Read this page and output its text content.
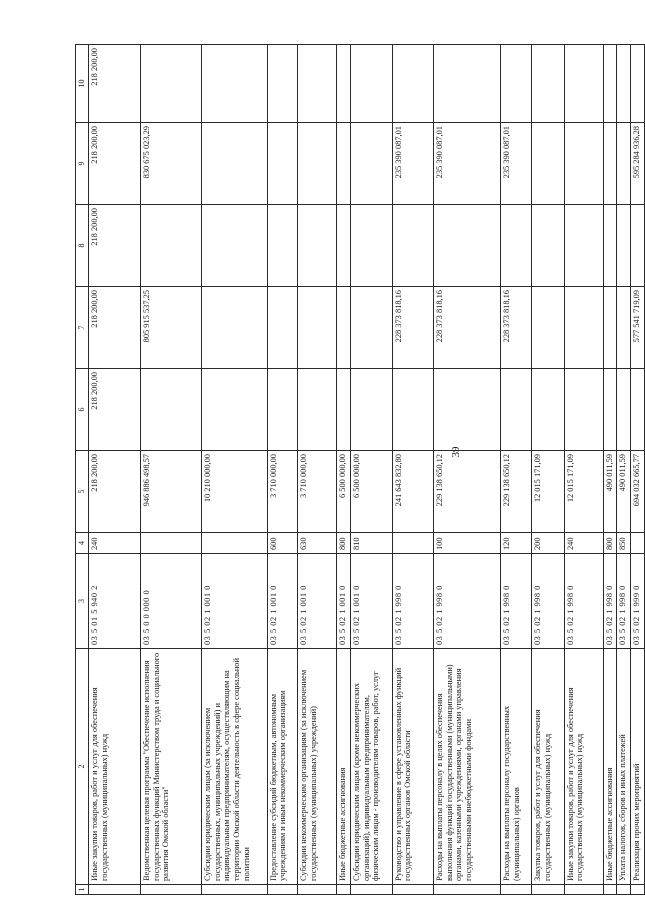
39
1	2	3	4	5	6	7	8	9	10
	Иные закупки товаров, работ и услуг для обеспечения государственных (муниципальных) нужд	03 5 01 5 940 2	240	218 200,00	218 200,00	218 200,00	218 200,00	218 200,00	218 200,00
	Ведомственная целевая программа "Обеспечение исполнения государственных функций Министерством труда и социального развития Омской области"	03 5 0 0 000 0		946 886 498,57		805 915 537,25		830 675 023,29	
	Субсидии юридическим лицам (за исключением государственных, муниципальных учреждений) и индивидуальным предпринимателям, осуществляющим на территории Омской области деятельность в сфере социальной политики	03 5 02 1 001 0		10 210 000,00					
	Предоставление субсидий бюджетным, автономным учреждениям и иным некоммерческим организациям	03 5 02 1 001 0	600	3 710 000,00					
	Субсидии некоммерческим организациям (за исключением государственных (муниципальных) учреждений)	03 5 02 1 001 0	630	3 710 000,00					
	Иные бюджетные ассигнования	03 5 02 1 001 0	800	6 500 000,00					
	Субсидии юридическим лицам (кроме некоммерческих организаций), индивидуальным предпринимателям, физическим лицам - производителям товаров, работ, услуг	03 5 02 1 001 0	810	6 500 000,00					
	Руководство и управление в сфере установленных функций государственных органов Омской области	03 5 02 1 998 0		241 643 832,80		228 373 818,16		235 390 087,01	
	Расходы на выплаты персоналу в целях обеспечения выполнения функций государственными (муниципальными) органами, казенными учреждениями, органами управления государственными внебюджетными фондами	03 5 02 1 998 0	100	229 138 650,12		228 373 818,16		235 390 087,01	
	Расходы на выплаты персоналу государственных (муниципальных) органов	03 5 02 1 998 0	120	229 138 650,12		228 373 818,16		235 390 087,01	
	Закупка товаров, работ и услуг для обеспечения государственных (муниципальных) нужд	03 5 02 1 998 0	200	12 015 171,09					
	Иные закупки товаров, работ и услуг для обеспечения государственных (муниципальных) нужд	03 5 02 1 998 0	240	12 015 171,09					
	Иные бюджетные ассигнования	03 5 02 1 998 0	800	490 011,59					
	Уплата налогов, сборов и иных платежей	03 5 02 1 998 0	850	490 011,59					
	Реализация прочих мероприятий	03 5 02 1 999 0		694 032 665,77		577 541 719,09		595 284 936,28	
